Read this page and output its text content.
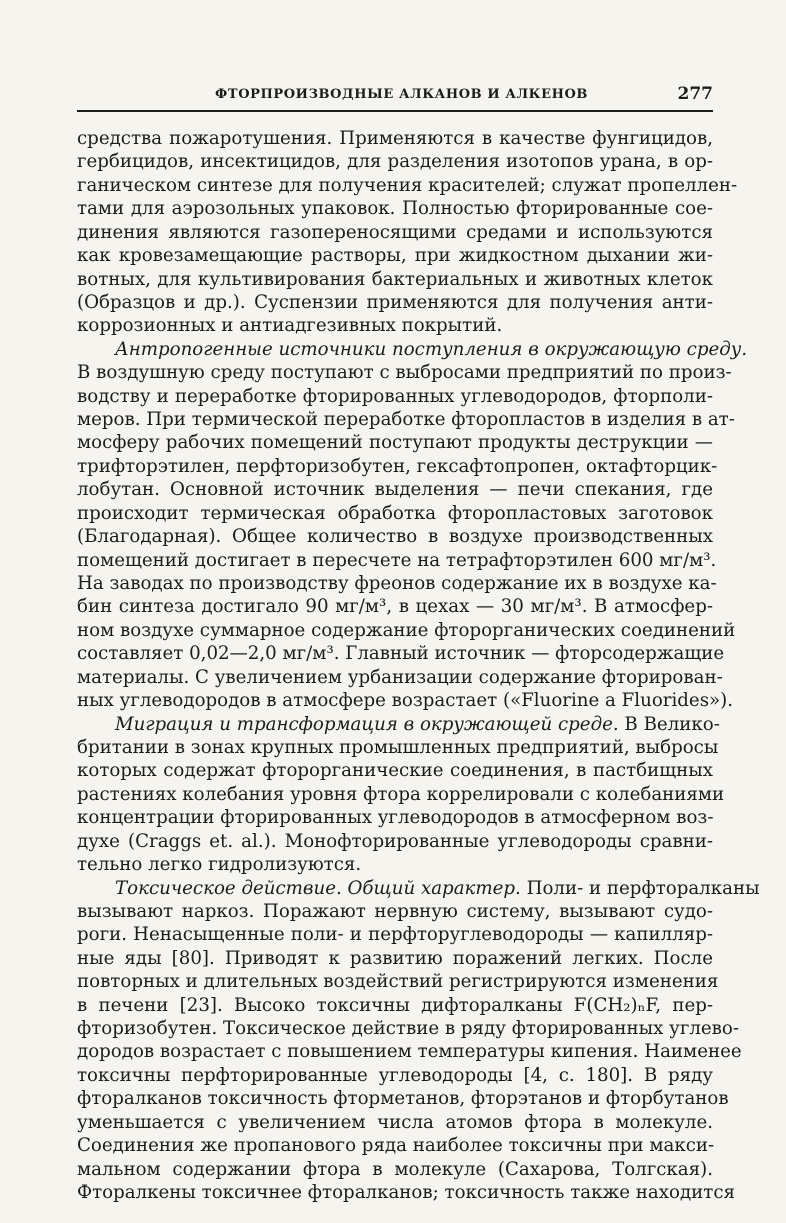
ФТОРПРОИЗВОДНЫЕ АЛКАНОВ И АЛКЕНОВ	277
средства пожаротушения. Применяются в качестве фунгицидов,
гербицидов, инсектицидов, для разделения изотопов урана, в ор-
ганическом синтезе для получения красителей; служат пропеллен-
тами для аэрозольных упаковок. Полностью фторированные сое-
динения являются газопереносящими средами и используются
как кровезамещающие растворы, при жидкостном дыхании жи-
вотных, для культивирования бактериальных и животных клеток
(Образцов и др.). Суспензии применяются для получения анти-
коррозионных и антиадгезивных покрытий.
Антропогенные источники поступления в окружающую среду.
В воздушную среду поступают с выбросами предприятий по произ-
водству и переработке фторированных углеводородов, фторполи-
меров. При термической переработке фторопластов в изделия в ат-
мосферу рабочих помещений поступают продукты деструкции —
трифторэтилен, перфторизобутен, гексафтопропен, октафторцик-
лобутан. Основной источник выделения — печи спекания, где
происходит термическая обработка фторопластовых заготовок
(Благодарная). Общее количество в воздухе производственных
помещений достигает в пересчете на тетрафторэтилен 600 мг/м³.
На заводах по производству фреонов содержание их в воздухе ка-
бин синтеза достигало 90 мг/м³, в цехах — 30 мг/м³. В атмосфер-
ном воздухе суммарное содержание фторорганических соединений
составляет 0,02—2,0 мг/м³. Главный источник — фторсодержащие
материалы. С увеличением урбанизации содержание фторирован-
ных углеводородов в атмосфере возрастает («Fluorine a Fluorides»).
Миграция и трансформация в окружающей среде. В Велико-
британии в зонах крупных промышленных предприятий, выбросы
которых содержат фторорганические соединения, в пастбищных
растениях колебания уровня фтора коррелировали с колебаниями
концентрации фторированных углеводородов в атмосферном воз-
духе (Craggs et. al.). Монофторированные углеводороды сравни-
тельно легко гидролизуются.
Токсическое действие. Общий характер. Поли- и перфторалканы
вызывают наркоз. Поражают нервную систему, вызывают судо-
роги. Ненасыщенные поли- и перфторуглеводороды — капилляр-
ные яды [80]. Приводят к развитию поражений легких. После
повторных и длительных воздействий регистрируются изменения
в печени [23]. Высоко токсичны дифторалканы F(CH₂)ₙF, пер-
фторизобутен. Токсическое действие в ряду фторированных углево-
дородов возрастает с повышением температуры кипения. Наименее
токсичны перфторированные углеводороды [4, с. 180]. В ряду
фторалканов токсичность фторметанов, фторэтанов и фторбутанов
уменьшается с увеличением числа атомов фтора в молекуле.
Соединения же пропанового ряда наиболее токсичны при макси-
мальном содержании фтора в молекуле (Сахарова, Толгская).
Фторалкены токсичнее фторалканов; токсичность также находится
